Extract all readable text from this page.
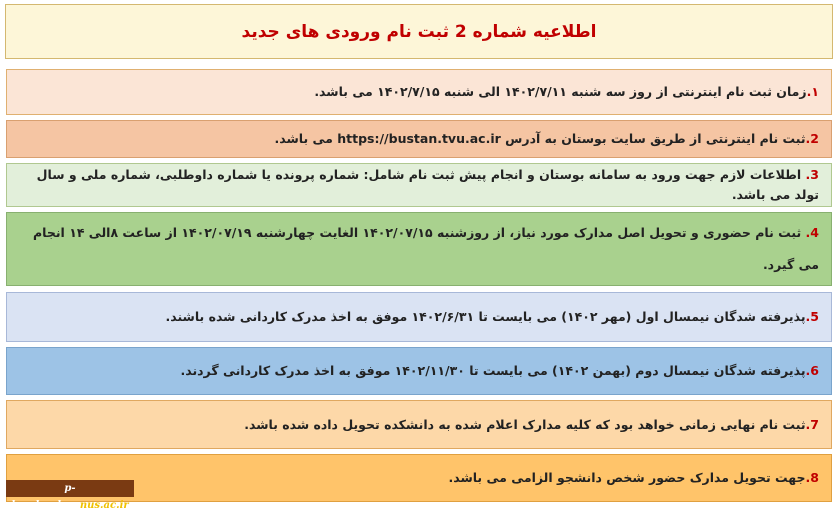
اطلاعیه شماره 2 ثبت نام ورودی های جدید
۱.زمان ثبت نام اینترنتی از روز سه شنبه ۱۴۰۲/۷/۱۱ الی شنبه ۱۴۰۲/۷/۱۵ می باشد.
2.ثبت نام اینترنتی از طریق سایت بوستان به آدرس https://bustan.tvu.ac.ir می باشد.
3. اطلاعات لازم جهت ورود به سامانه بوستان و انجام پیش ثبت نام شامل: شماره پرونده یا شماره داوطلبی، شماره ملی و سال تولد می باشد.
4. ثبت نام حضوری و تحویل اصل مدارک مورد نیاز، از روزشنبه ۱۴۰۲/۰۷/۱۵ الغایت چهارشنبه ۱۴۰۲/۰۷/۱۹ از ساعت ۸الی ۱۴ انجام
می گیرد.
5.پذیرفته شدگان نیمسال اول (مهر ۱۴۰۲) می بایست تا ۱۴۰۲/۶/۳۱ موفق به اخذ مدرک کاردانی شده باشند.
6.پذیرفته شدگان نیمسال دوم (بهمن ۱۴۰۲) می بایست تا ۱۴۰۲/۱۱/۳۰ موفق به اخذ مدرک کاردانی گردند.
7.ثبت نام نهایی زمانی خواهد بود که کلیه مدارک اعلام شده به دانشکده تحویل داده شده باشد.
8.جهت تحویل مدارک حضور شخص دانشجو الزامی می باشد.
p-bandarabas.nus.ac.ir
